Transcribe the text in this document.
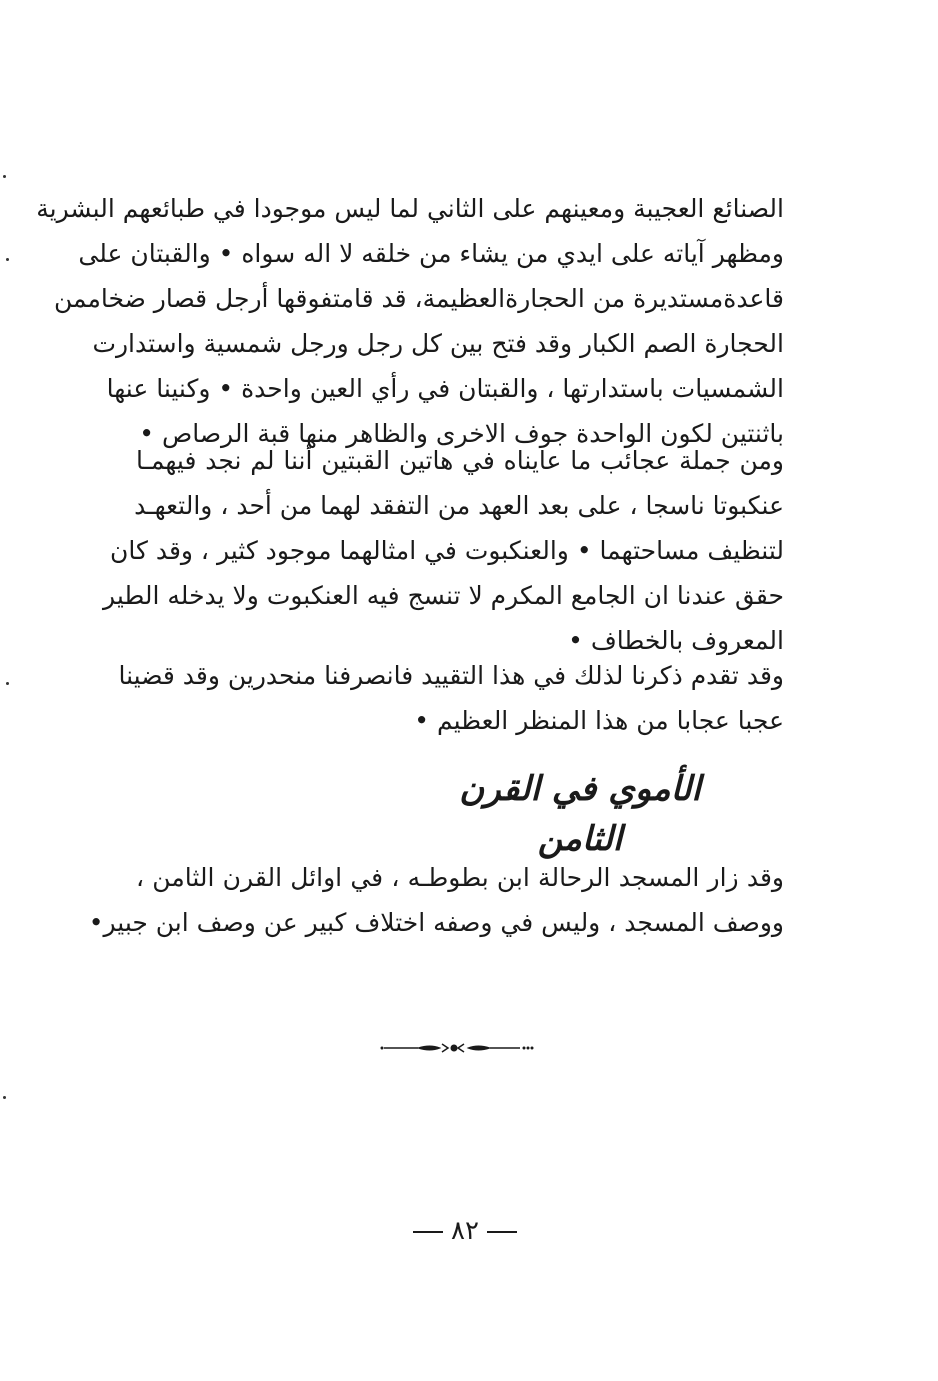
الصنائع العجيبة ومعينهم على الثاني لما ليس موجودا في طبائعهم البشرية
ومظهر آياته على ايدي من يشاء من خلقه لا اله سواه • والقبتان على
قاعدةمستديرة من الحجارةالعظيمة، قد قامتفوقها أرجل قصار ضخاممن
الحجارة الصم الكبار وقد فتح بين كل رجل ورجل شمسية واستدارت
الشمسيات باستدارتها ، والقبتان في رأي العين واحدة • وكنينا عنها
باثنتين لكون الواحدة جوف الاخرى والظاهر منها قبة الرصاص •

ومن جملة عجائب ما عايناه في هاتين القبتين أننا لم نجد فيهمـا
عنكبوتا ناسجا ، على بعد العهد من التفقد لهما من أحد ، والتعهـد
لتنظيف مساحتهما • والعنكبوت في امثالهما موجود كثير ، وقد كان
حقق عندنا ان الجامع المكرم لا تنسج فيه العنكبوت ولا يدخله الطير
المعروف بالخطاف •

وقد تقدم ذكرنا لذلك في هذا التقييد فانصرفنا منحدرين وقد قضينا
عجبا عجابا من هذا المنظر العظيم •

الأموي في القرن الثامن

وقد زار المسجد الرحالة ابن بطوطـه ، في اوائل القرن الثامن ،
ووصف المسجد ، وليس في وصفه اختلاف كبير عن وصف ابن جبير•

٨٢
